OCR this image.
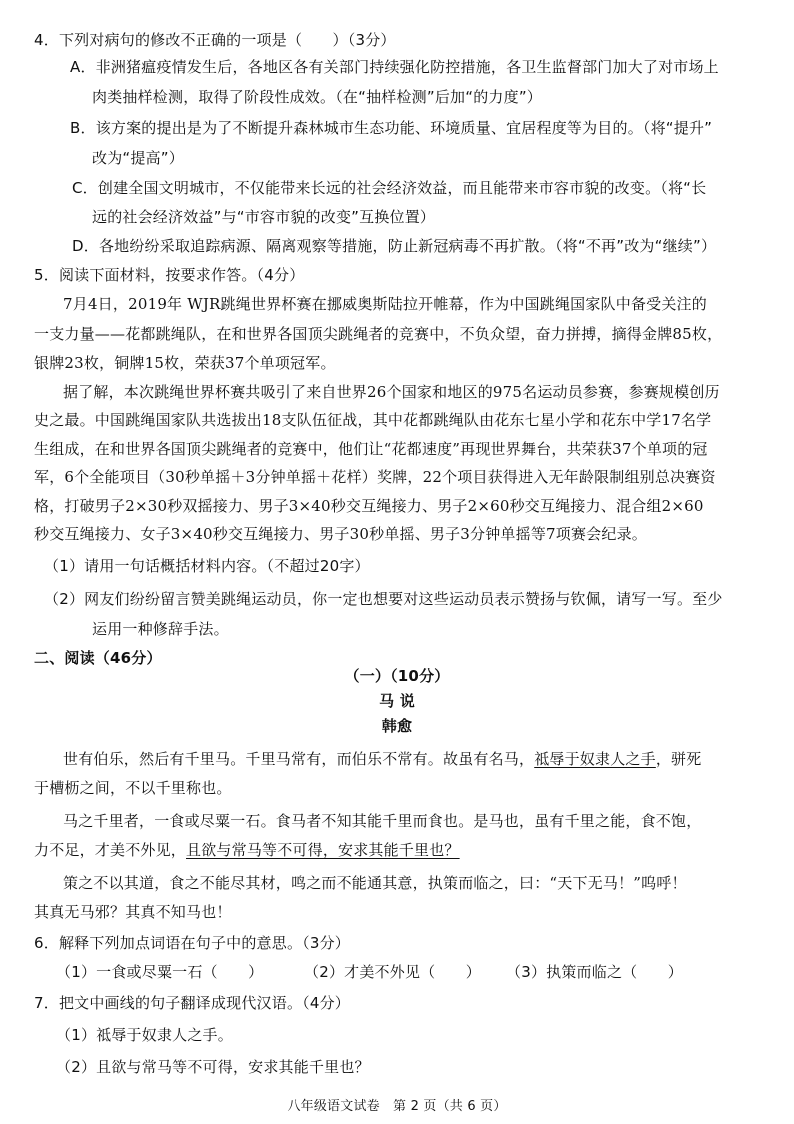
4．下列对病句的修改不正确的一项是（　　）（3分）
A．非洲猪瘟疫情发生后，各地区各有关部门持续强化防控措施，各卫生监督部门加大了对市场上
肉类抽样检测，取得了阶段性成效。（在“抽样检测”后加“的力度”）
B．该方案的提出是为了不断提升森林城市生态功能、环境质量、宜居程度等为目的。（将“提升”
改为“提高”）
C．创建全国文明城市，不仅能带来长远的社会经济效益，而且能带来市容市貌的改变。（将“长
远的社会经济效益”与“市容市貌的改变”互换位置）
D．各地纷纷采取追踪病源、隔离观察等措施，防止新冠病毒不再扩散。（将“不再”改为“继续”）
5．阅读下面材料，按要求作答。（4分）
7月4日，2019年 WJR跳绳世界杯赛在挪威奥斯陆拉开帷幕，作为中国跳绳国家队中备受关注的
一支力量——花都跳绳队，在和世界各国顶尖跳绳者的竞赛中，不负众望，奋力拼搏，摘得金牌85枚，
银牌23枚，铜牌15枚，荣获37个单项冠军。
据了解，本次跳绳世界杯赛共吸引了来自世界26个国家和地区的975名运动员参赛，参赛规模创历
史之最。中国跳绳国家队共选拔出18支队伍征战，其中花都跳绳队由花东七星小学和花东中学17名学
生组成，在和世界各国顶尖跳绳者的竞赛中，他们让“花都速度”再现世界舞台，共荣获37个单项的冠
军，6个全能项目（30秒单摇＋3分钟单摇＋花样）奖牌，22个项目获得进入无年龄限制组别总决赛资
格，打破男子2×30秒双摇接力、男子3×40秒交互绳接力、男子2×60秒交互绳接力、混合组2×60
秒交互绳接力、女子3×40秒交互绳接力、男子30秒单摇、男子3分钟单摇等7项赛会纪录。
（1）请用一句话概括材料内容。（不超过20字）
（2）网友们纷纷留言赞美跳绳运动员，你一定也想要对这些运动员表示赞扬与钦佩，请写一写。至少
运用一种修辞手法。
二、阅读（46分）
（一）（10分）
马 说
韩愈
世有伯乐，然后有千里马。千里马常有，而伯乐不常有。故虽有名马，祗辱于奴隶人之手，骈死
于槽枥之间，不以千里称也。
马之千里者，一食或尽粟一石。食马者不知其能千里而食也。是马也，虽有千里之能，食不饱，
力不足，才美不外见，且欲与常马等不可得，安求其能千里也？
策之不以其道，食之不能尽其材，鸣之而不能通其意，执策而临之，曰：“天下无马！”呜呼！
其真无马邪？其真不知马也！
6．解释下列加点词语在句子中的意思。（3分）
（1）一食或尽粟一石（　　）	（2）才美不外见（　　） （3）执策而临之（　　）
7．把文中画线的句子翻译成现代汉语。（4分）
（1）祗辱于奴隶人之手。
（2）且欲与常马等不可得，安求其能千里也？
八年级语文试卷　第 2 页（共 6 页）
